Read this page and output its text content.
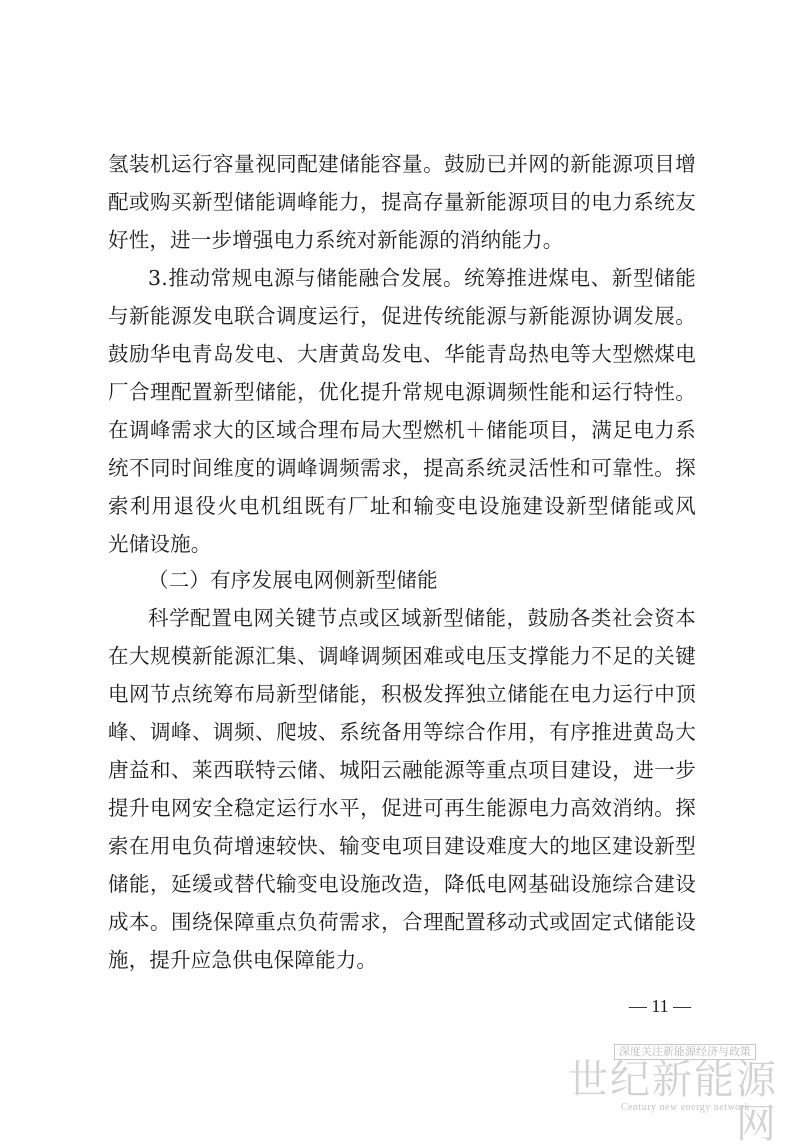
氢装机运行容量视同配建储能容量。鼓励已并网的新能源项目增
配或购买新型储能调峰能力，提高存量新能源项目的电力系统友
好性，进一步增强电力系统对新能源的消纳能力。
3.推动常规电源与储能融合发展。统筹推进煤电、新型储能
与新能源发电联合调度运行，促进传统能源与新能源协调发展。
鼓励华电青岛发电、大唐黄岛发电、华能青岛热电等大型燃煤电
厂合理配置新型储能，优化提升常规电源调频性能和运行特性。
在调峰需求大的区域合理布局大型燃机＋储能项目，满足电力系
统不同时间维度的调峰调频需求，提高系统灵活性和可靠性。探
索利用退役火电机组既有厂址和输变电设施建设新型储能或风
光储设施。
（二）有序发展电网侧新型储能
科学配置电网关键节点或区域新型储能，鼓励各类社会资本
在大规模新能源汇集、调峰调频困难或电压支撑能力不足的关键
电网节点统筹布局新型储能，积极发挥独立储能在电力运行中顶
峰、调峰、调频、爬坡、系统备用等综合作用，有序推进黄岛大
唐益和、莱西联特云储、城阳云融能源等重点项目建设，进一步
提升电网安全稳定运行水平，促进可再生能源电力高效消纳。探
索在用电负荷增速较快、输变电项目建设难度大的地区建设新型
储能，延缓或替代输变电设施改造，降低电网基础设施综合建设
成本。围绕保障重点负荷需求，合理配置移动式或固定式储能设
施，提升应急供电保障能力。
— 11 —
深度关注新能源经济与政策
世纪新能源网
Century new energy network
